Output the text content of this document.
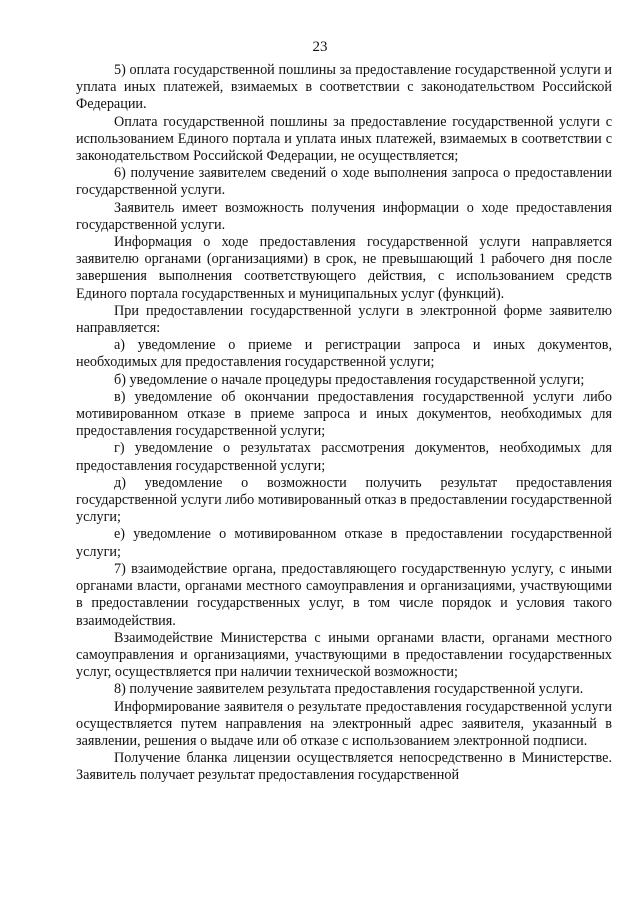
23

5) оплата государственной пошлины за предоставление государственной услуги и уплата иных платежей, взимаемых в соответствии с законодательством Российской Федерации.

Оплата государственной пошлины за предоставление государственной услуги с использованием Единого портала и уплата иных платежей, взимаемых в соответствии с законодательством Российской Федерации, не осуществляется;

6) получение заявителем сведений о ходе выполнения запроса о предоставлении государственной услуги.

Заявитель имеет возможность получения информации о ходе предоставления государственной услуги.

Информация о ходе предоставления государственной услуги направляется заявителю органами (организациями) в срок, не превышающий 1 рабочего дня после завершения выполнения соответствующего действия, с использованием средств Единого портала государственных и муниципальных услуг (функций).

При предоставлении государственной услуги в электронной форме заявителю направляется:

а) уведомление о приеме и регистрации запроса и иных документов, необходимых для предоставления государственной услуги;

б) уведомление о начале процедуры предоставления государственной услуги;

в) уведомление об окончании предоставления государственной услуги либо мотивированном отказе в приеме запроса и иных документов, необходимых для предоставления государственной услуги;

г) уведомление о результатах рассмотрения документов, необходимых для предоставления государственной услуги;

д) уведомление о возможности получить результат предоставления государственной услуги либо мотивированный отказ в предоставлении государственной услуги;

е) уведомление о мотивированном отказе в предоставлении государственной услуги;

7) взаимодействие органа, предоставляющего государственную услугу, с иными органами власти, органами местного самоуправления и организациями, участвующими в предоставлении государственных услуг, в том числе порядок и условия такого взаимодействия.

Взаимодействие Министерства с иными органами власти, органами местного самоуправления и организациями, участвующими в предоставлении государственных услуг, осуществляется при наличии технической возможности;

8) получение заявителем результата предоставления государственной услуги.

Информирование заявителя о результате предоставления государственной услуги осуществляется путем направления на электронный адрес заявителя, указанный в заявлении, решения о выдаче или об отказе с использованием электронной подписи.

Получение бланка лицензии осуществляется непосредственно в Министерстве. Заявитель получает результат предоставления государственной
